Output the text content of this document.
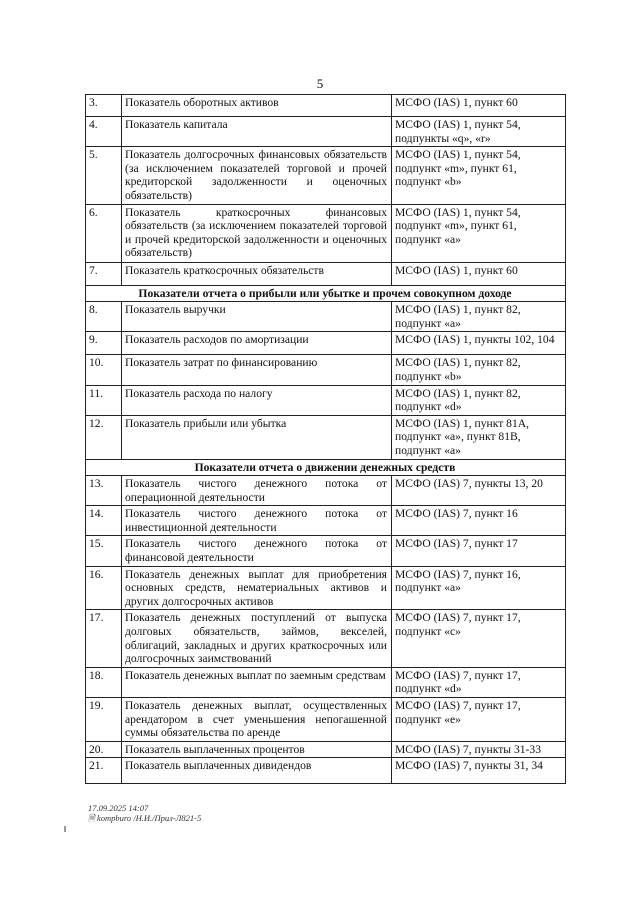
5
3.	Показатель оборотных активов	МСФО (IAS) 1, пункт 60
4.	Показатель капитала	МСФО (IAS) 1, пункт 54, подпункты «q», «r»
5.	Показатель долгосрочных финансовых обязательств (за исключением показателей торговой и прочей кредиторской задолженности и оценочных обязательств)	МСФО (IAS) 1, пункт 54, подпункт «m», пункт 61, подпункт «b»
6.	Показатель краткосрочных финансовых обязательств (за исключением показателей торговой и прочей кредиторской задолженности и оценочных обязательств)	МСФО (IAS) 1, пункт 54, подпункт «m», пункт 61, подпункт «a»
7.	Показатель краткосрочных обязательств	МСФО (IAS) 1, пункт 60
Показатели отчета о прибыли или убытке и прочем совокупном доходе		
8.	Показатель выручки	МСФО (IAS) 1, пункт 82, подпункт «a»
9.	Показатель расходов по амортизации	МСФО (IAS) 1, пункты 102, 104
10.	Показатель затрат по финансированию	МСФО (IAS) 1, пункт 82, подпункт «b»
11.	Показатель расхода по налогу	МСФО (IAS) 1, пункт 82, подпункт «d»
12.	Показатель прибыли или убытка	МСФО (IAS) 1, пункт 81A, подпункт «a», пункт 81B, подпункт «a»
Показатели отчета о движении денежных средств		
13.	Показатель чистого денежного потока от операционной деятельности	МСФО (IAS) 7, пункты 13, 20
14.	Показатель чистого денежного потока от инвестиционной деятельности	МСФО (IAS) 7, пункт 16
15.	Показатель чистого денежного потока от финансовой деятельности	МСФО (IAS) 7, пункт 17
16.	Показатель денежных выплат для приобретения основных средств, нематериальных активов и других долгосрочных активов	МСФО (IAS) 7, пункт 16, подпункт «a»
17.	Показатель денежных поступлений от выпуска долговых обязательств, займов, векселей, облигаций, закладных и других краткосрочных или долгосрочных заимствований	МСФО (IAS) 7, пункт 17, подпункт «c»
18.	Показатель денежных выплат по заемным средствам	МСФО (IAS) 7, пункт 17, подпункт «d»
19.	Показатель денежных выплат, осуществленных арендатором в счет уменьшения непогашенной суммы обязательства по аренде	МСФО (IAS) 7, пункт 17, подпункт «e»
20.	Показатель выплаченных процентов	МСФО (IAS) 7, пункты 31-33
21.	Показатель выплаченных дивидендов	МСФО (IAS) 7, пункты 31, 34
17.09.2025 14:07
🗎 kompburo /Н.И./Прил-Л821-5
